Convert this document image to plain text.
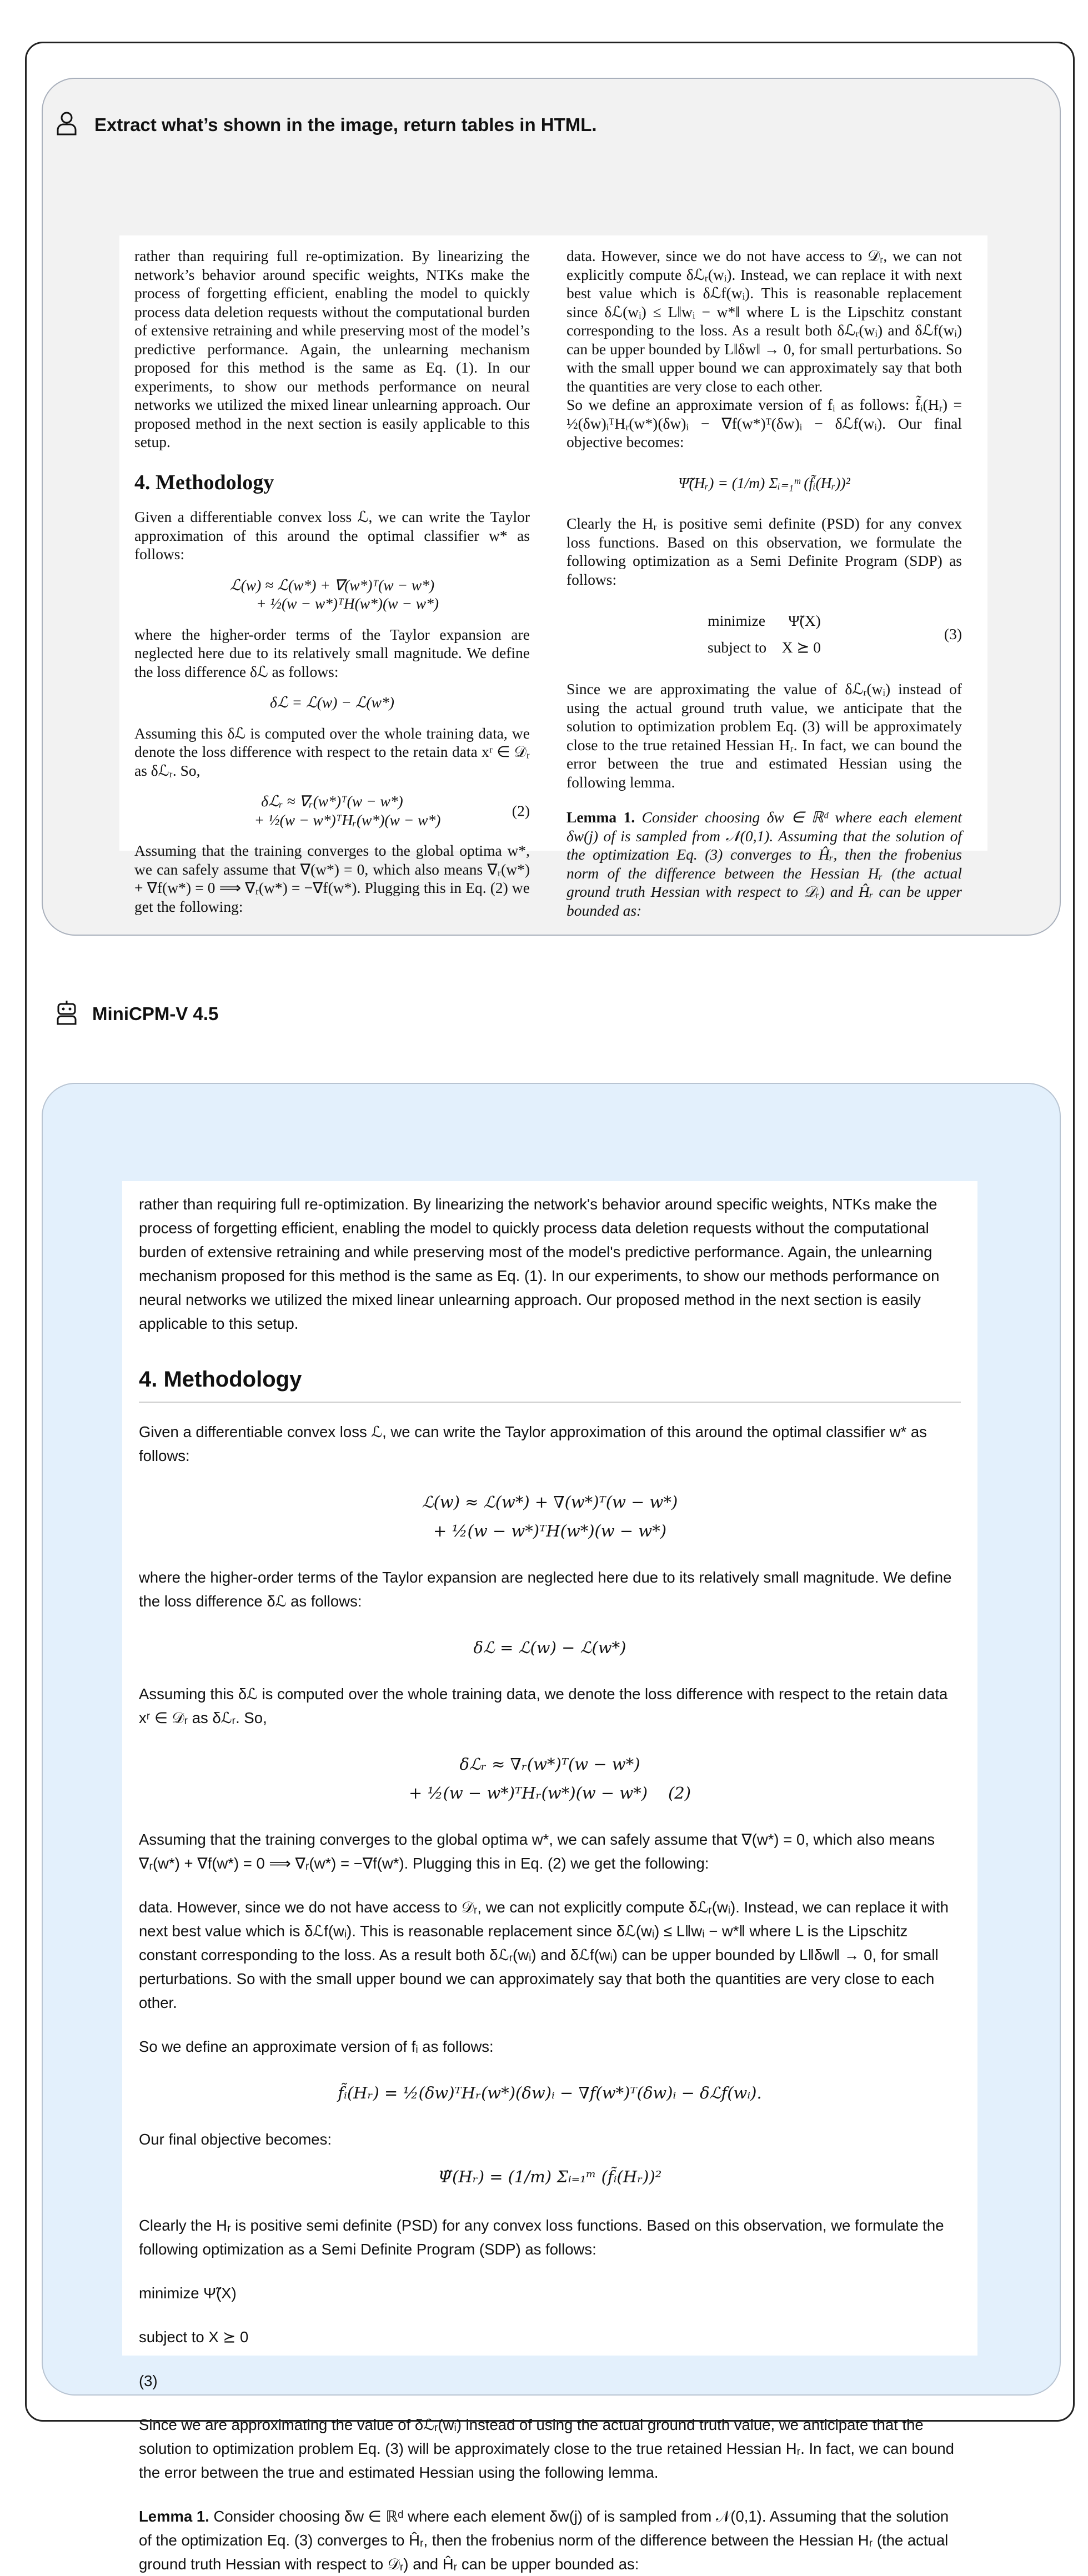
Extract what’s shown in the image, return tables in HTML.

rather than requiring full re-optimization. By linearizing the network’s behavior around specific weights, NTKs make the process of forgetting efficient, enabling the model to quickly process data deletion requests without the computational burden of extensive retraining and while preserving most of the model’s predictive performance. Again, the unlearning mechanism proposed for this method is the same as Eq. (1). In our experiments, to show our methods performance on neural networks we utilized the mixed linear unlearning approach. Our proposed method in the next section is easily applicable to this setup.

4. Methodology

Given a differentiable convex loss ℒ, we can write the Taylor approximation of this around the optimal classifier w* as follows:

ℒ(w) ≈ ℒ(w*) + ∇(w*)ᵀ(w − w*)
+ ½(w − w*)ᵀH(w*)(w − w*)

where the higher-order terms of the Taylor expansion are neglected here due to its relatively small magnitude. We define the loss difference δℒ as follows:

δℒ = ℒ(w) − ℒ(w*)

Assuming this δℒ is computed over the whole training data, we denote the loss difference with respect to the retain data xʳ ∈ 𝒟ᵣ as δℒᵣ. So,

δℒᵣ ≈ ∇ᵣ(w*)ᵀ(w − w*)
+ ½(w − w*)ᵀHᵣ(w*)(w − w*)
(2)

Assuming that the training converges to the global optima w*, we can safely assume that ∇(w*) = 0, which also means ∇ᵣ(w*) + ∇f(w*) = 0 ⟹ ∇ᵣ(w*) = −∇f(w*). Plugging this in Eq. (2) we get the following:

data. However, since we do not have access to 𝒟ᵣ, we can not explicitly compute δℒᵣ(wᵢ). Instead, we can replace it with next best value which is δℒf(wᵢ). This is reasonable replacement since δℒ(wᵢ) ≤ L‖wᵢ − w*‖ where L is the Lipschitz constant corresponding to the loss. As a result both δℒᵣ(wᵢ) and δℒf(wᵢ) can be upper bounded by L‖δw‖ → 0, for small perturbations. So with the small upper bound we can approximately say that both the quantities are very close to each other.

So we define an approximate version of fᵢ as follows: f̃ᵢ(Hᵣ) = ½(δw)ᵢᵀHᵣ(w*)(δw)ᵢ − ∇f(w*)ᵀ(δw)ᵢ − δℒf(wᵢ). Our final objective becomes:

Ψ̃(Hᵣ) = (1/m) Σᵢ₌₁ᵐ (f̃ᵢ(Hᵣ))²

Clearly the Hᵣ is positive semi definite (PSD) for any convex loss functions. Based on this observation, we formulate the following optimization as a Semi Definite Program (SDP) as follows:

minimize      Ψ̃(X)
subject to    X ⪰ 0
(3)

Since we are approximating the value of δℒᵣ(wᵢ) instead of using the actual ground truth value, we anticipate that the solution to optimization problem Eq. (3) will be approximately close to the true retained Hessian Hᵣ. In fact, we can bound the error between the true and estimated Hessian using the following lemma.

Lemma 1. Consider choosing δw ∈ ℝᵈ where each element δw(j) of is sampled from 𝒩(0,1). Assuming that the solution of the optimization Eq. (3) converges to Ĥᵣ, then the frobenius norm of the difference between the Hessian Hᵣ (the actual ground truth Hessian with respect to 𝒟ᵣ) and Ĥᵣ can be upper bounded as:

MiniCPM-V 4.5

rather than requiring full re-optimization. By linearizing the network's behavior around specific weights, NTKs make the process of forgetting efficient, enabling the model to quickly process data deletion requests without the computational burden of extensive retraining and while preserving most of the model's predictive performance. Again, the unlearning mechanism proposed for this method is the same as Eq. (1). In our experiments, to show our methods performance on neural networks we utilized the mixed linear unlearning approach. Our proposed method in the next section is easily applicable to this setup.

4. Methodology

Given a differentiable convex loss ℒ, we can write the Taylor approximation of this around the optimal classifier w* as follows:

ℒ(w) ≈ ℒ(w*) + ∇(w*)ᵀ(w − w*)
+ ½(w − w*)ᵀH(w*)(w − w*)

where the higher-order terms of the Taylor expansion are neglected here due to its relatively small magnitude. We define the loss difference δℒ as follows:

δℒ = ℒ(w) − ℒ(w*)

Assuming this δℒ is computed over the whole training data, we denote the loss difference with respect to the retain data xʳ ∈ 𝒟ᵣ as δℒᵣ. So,

δℒᵣ ≈ ∇ᵣ(w*)ᵀ(w − w*)
+ ½(w − w*)ᵀHᵣ(w*)(w − w*)    (2)

Assuming that the training converges to the global optima w*, we can safely assume that ∇(w*) = 0, which also means ∇ᵣ(w*) + ∇f(w*) = 0 ⟹ ∇ᵣ(w*) = −∇f(w*). Plugging this in Eq. (2) we get the following:

data. However, since we do not have access to 𝒟ᵣ, we can not explicitly compute δℒᵣ(wᵢ). Instead, we can replace it with next best value which is δℒf(wᵢ). This is reasonable replacement since δℒ(wᵢ) ≤ L‖wᵢ − w*‖ where L is the Lipschitz constant corresponding to the loss. As a result both δℒᵣ(wᵢ) and δℒf(wᵢ) can be upper bounded by L‖δw‖ → 0, for small perturbations. So with the small upper bound we can approximately say that both the quantities are very close to each other.

So we define an approximate version of fᵢ as follows:

f̃ᵢ(Hᵣ) = ½(δw)ᵀHᵣ(w*)(δw)ᵢ − ∇f(w*)ᵀ(δw)ᵢ − δℒf(wᵢ).

Our final objective becomes:

Ψ̃(Hᵣ) = (1/m) Σᵢ₌₁ᵐ (f̃ᵢ(Hᵣ))²

Clearly the Hᵣ is positive semi definite (PSD) for any convex loss functions. Based on this observation, we formulate the following optimization as a Semi Definite Program (SDP) as follows:

minimize Ψ̃(X)

subject to X ⪰ 0

(3)

Since we are approximating the value of δℒᵣ(wᵢ) instead of using the actual ground truth value, we anticipate that the solution to optimization problem Eq. (3) will be approximately close to the true retained Hessian Hᵣ. In fact, we can bound the error between the true and estimated Hessian using the following lemma.

Lemma 1. Consider choosing δw ∈ ℝᵈ where each element δw(j) of is sampled from 𝒩(0,1). Assuming that the solution of the optimization Eq. (3) converges to Ĥᵣ, then the frobenius norm of the difference between the Hessian Hᵣ (the actual ground truth Hessian with respect to 𝒟ᵣ) and Ĥᵣ can be upper bounded as:
